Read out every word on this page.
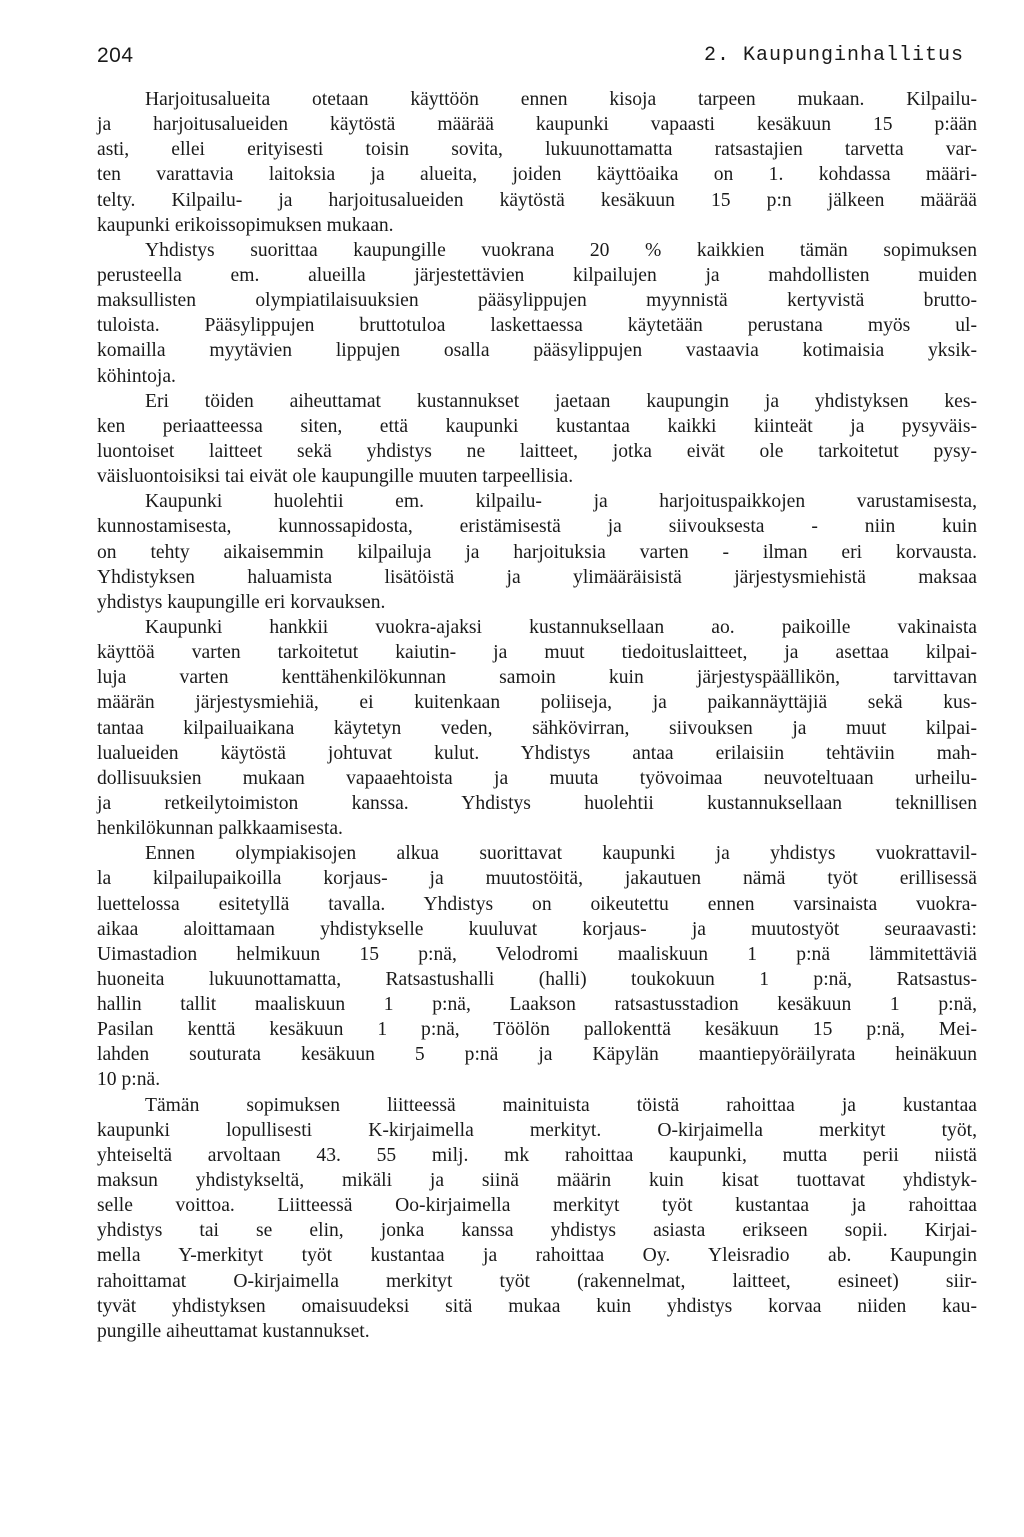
204	2. Kaupunginhallitus
Harjoitusalueita otetaan käyttöön ennen kisoja tarpeen mukaan. Kilpailu-
ja harjoitusalueiden käytöstä määrää kaupunki vapaasti kesäkuun 15 p:ään
asti, ellei erityisesti toisin sovita, lukuunottamatta ratsastajien tarvetta var-
ten varattavia laitoksia ja alueita, joiden käyttöaika on 1. kohdassa määri-
telty. Kilpailu- ja harjoitusalueiden käytöstä kesäkuun 15 p:n jälkeen määrää
kaupunki erikoissopimuksen mukaan.
Yhdistys suorittaa kaupungille vuokrana 20 % kaikkien tämän sopimuksen
perusteella em. alueilla järjestettävien kilpailujen ja mahdollisten muiden
maksullisten olympiatilaisuuksien pääsylippujen myynnistä kertyvistä brutto-
tuloista. Pääsylippujen bruttotuloa laskettaessa käytetään perustana myös ul-
komailla myytävien lippujen osalla pääsylippujen vastaavia kotimaisia yksik-
köhintoja.
Eri töiden aiheuttamat kustannukset jaetaan kaupungin ja yhdistyksen kes-
ken periaatteessa siten, että kaupunki kustantaa kaikki kiinteät ja pysyväis-
luontoiset laitteet sekä yhdistys ne laitteet, jotka eivät ole tarkoitetut pysy-
väisluontoisiksi tai eivät ole kaupungille muuten tarpeellisia.
Kaupunki huolehtii em. kilpailu- ja harjoituspaikkojen varustamisesta,
kunnostamisesta, kunnossapidosta, eristämisestä ja siivouksesta - niin kuin
on tehty aikaisemmin kilpailuja ja harjoituksia varten - ilman eri korvausta.
Yhdistyksen haluamista lisätöistä ja ylimääräisistä järjestysmiehistä maksaa
yhdistys kaupungille eri korvauksen.
Kaupunki hankkii vuokra-ajaksi kustannuksellaan ao. paikoille vakinaista
käyttöä varten tarkoitetut kaiutin- ja muut tiedoituslaitteet, ja asettaa kilpai-
luja varten kenttähenkilökunnan samoin kuin järjestyspäällikön, tarvittavan
määrän järjestysmiehiä, ei kuitenkaan poliiseja, ja paikannäyttäjiä sekä kus-
tantaa kilpailuaikana käytetyn veden, sähkövirran, siivouksen ja muut kilpai-
lualueiden käytöstä johtuvat kulut. Yhdistys antaa erilaisiin tehtäviin mah-
dollisuuksien mukaan vapaaehtoista ja muuta työvoimaa neuvoteltuaan urheilu-
ja retkeilytoimiston kanssa. Yhdistys huolehtii kustannuksellaan teknillisen
henkilökunnan palkkaamisesta.
Ennen olympiakisojen alkua suorittavat kaupunki ja yhdistys vuokrattavil-
la kilpailupaikoilla korjaus- ja muutostöitä, jakautuen nämä työt erillisessä
luettelossa esitetyllä tavalla. Yhdistys on oikeutettu ennen varsinaista vuokra-
aikaa aloittamaan yhdistykselle kuuluvat korjaus- ja muutostyöt seuraavasti:
Uimastadion helmikuun 15 p:nä, Velodromi maaliskuun 1 p:nä lämmitettäviä
huoneita lukuunottamatta, Ratsastushalli (halli) toukokuun 1 p:nä, Ratsastus-
hallin tallit maaliskuun 1 p:nä, Laakson ratsastusstadion kesäkuun 1 p:nä,
Pasilan kenttä kesäkuun 1 p:nä, Töölön pallokenttä kesäkuun 15 p:nä, Mei-
lahden souturata kesäkuun 5 p:nä ja Käpylän maantiepyöräilyrata heinäkuun
10 p:nä.
Tämän sopimuksen liitteessä mainituista töistä rahoittaa ja kustantaa
kaupunki lopullisesti K-kirjaimella merkityt. O-kirjaimella merkityt työt,
yhteiseltä arvoltaan 43. 55 milj. mk rahoittaa kaupunki, mutta perii niistä
maksun yhdistykseltä, mikäli ja siinä määrin kuin kisat tuottavat yhdistyk-
selle voittoa. Liitteessä Oo-kirjaimella merkityt työt kustantaa ja rahoittaa
yhdistys tai se elin, jonka kanssa yhdistys asiasta erikseen sopii. Kirjai-
mella Y-merkityt työt kustantaa ja rahoittaa Oy. Yleisradio ab. Kaupungin
rahoittamat O-kirjaimella merkityt työt (rakennelmat, laitteet, esineet) siir-
tyvät yhdistyksen omaisuudeksi sitä mukaa kuin yhdistys korvaa niiden kau-
pungille aiheuttamat kustannukset.
